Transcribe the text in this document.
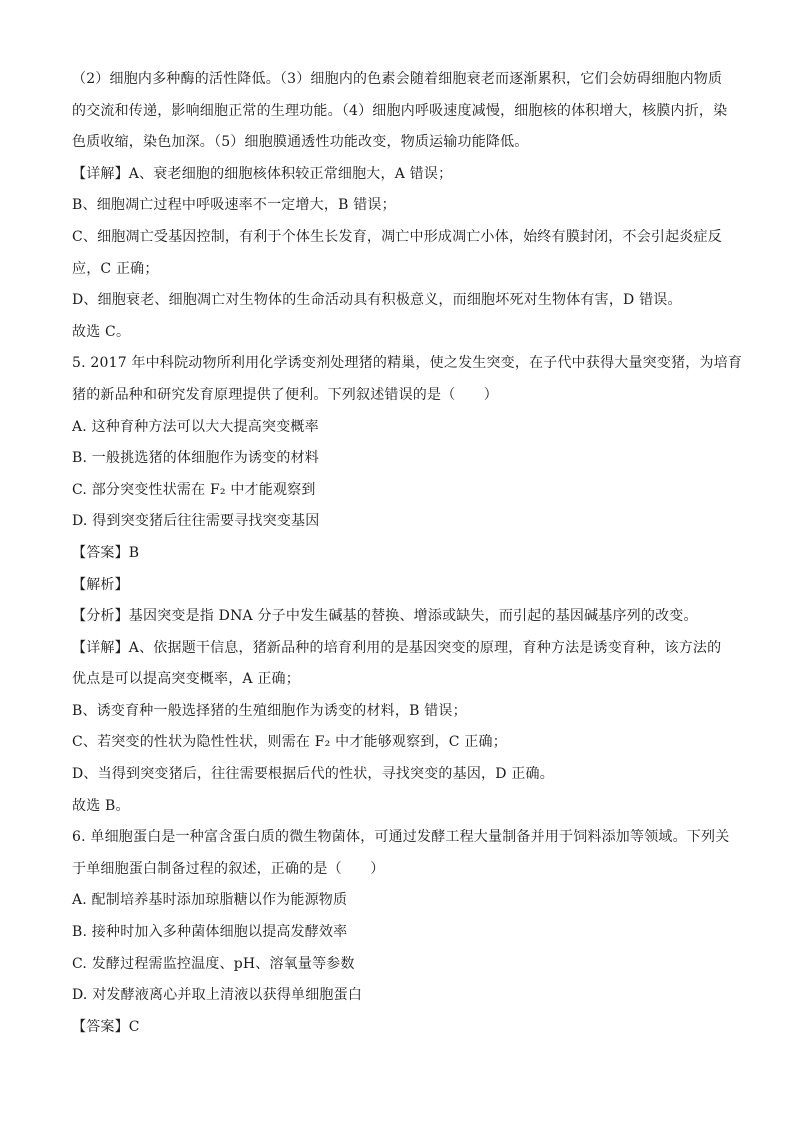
（2）细胞内多种酶的活性降低。（3）细胞内的色素会随着细胞衰老而逐渐累积，它们会妨碍细胞内物质
的交流和传递，影响细胞正常的生理功能。（4）细胞内呼吸速度减慢，细胞核的体积增大，核膜内折，染
色质收缩，染色加深。（5）细胞膜通透性功能改变，物质运输功能降低。
【详解】A、衰老细胞的细胞核体积较正常细胞大，A 错误；
B、细胞凋亡过程中呼吸速率不一定增大，B 错误；
C、细胞凋亡受基因控制，有利于个体生长发育，凋亡中形成凋亡小体，始终有膜封闭，不会引起炎症反
应，C 正确；
D、细胞衰老、细胞凋亡对生物体的生命活动具有积极意义，而细胞坏死对生物体有害，D 错误。
故选 C。
5. 2017 年中科院动物所利用化学诱变剂处理猪的精巢，使之发生突变，在子代中获得大量突变猪，为培育
猪的新品种和研究发育原理提供了便利。下列叙述错误的是（　　）
A. 这种育种方法可以大大提高突变概率
B. 一般挑选猪的体细胞作为诱变的材料
C. 部分突变性状需在 F₂ 中才能观察到
D. 得到突变猪后往往需要寻找突变基因
【答案】B
【解析】
【分析】基因突变是指 DNA 分子中发生碱基的替换、增添或缺失，而引起的基因碱基序列的改变。
【详解】A、依据题干信息，猪新品种的培育利用的是基因突变的原理，育种方法是诱变育种，该方法的
优点是可以提高突变概率，A 正确；
B、诱变育种一般选择猪的生殖细胞作为诱变的材料，B 错误；
C、若突变的性状为隐性性状，则需在 F₂ 中才能够观察到，C 正确；
D、当得到突变猪后，往往需要根据后代的性状，寻找突变的基因，D 正确。
故选 B。
6. 单细胞蛋白是一种富含蛋白质的微生物菌体，可通过发酵工程大量制备并用于饲料添加等领域。下列关
于单细胞蛋白制备过程的叙述，正确的是（　　）
A. 配制培养基时添加琼脂糖以作为能源物质
B. 接种时加入多种菌体细胞以提高发酵效率
C. 发酵过程需监控温度、pH、溶氧量等参数
D. 对发酵液离心并取上清液以获得单细胞蛋白
【答案】C
